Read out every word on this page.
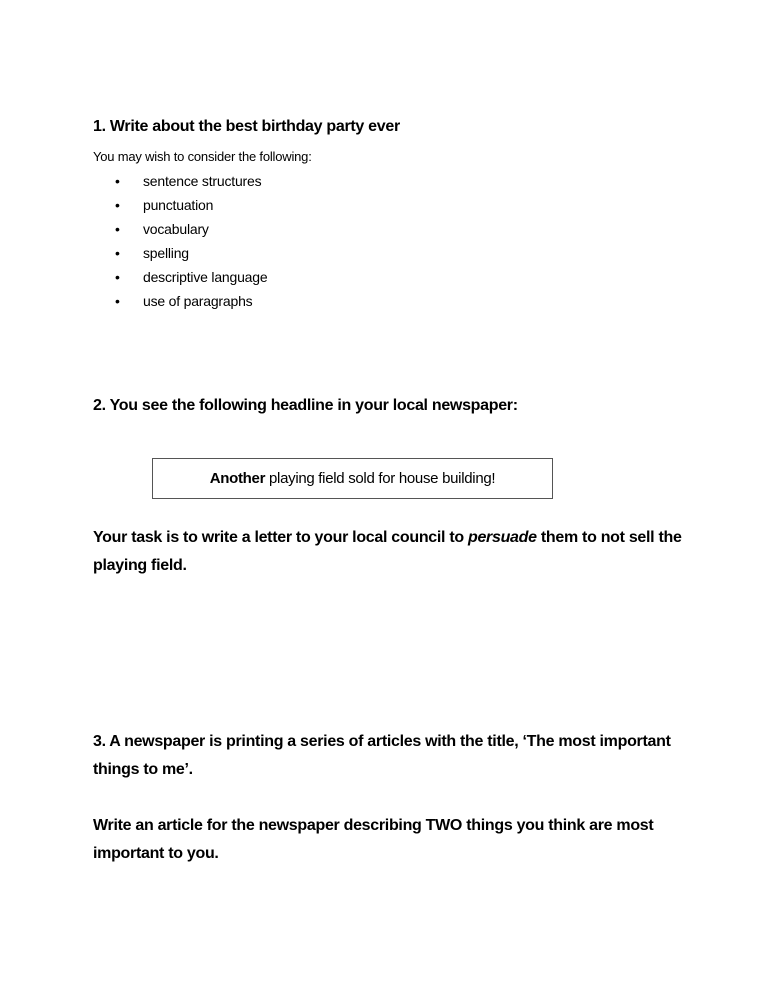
1. Write about the best birthday party ever

You may wish to consider the following:

•	sentence structures
•	punctuation
•	vocabulary
•	spelling
•	descriptive language
•	use of paragraphs
2. You see the following headline in your local newspaper:
Another playing field sold for house building!

Your task is to write a letter to your local council to persuade them to not sell the playing field.

3. A newspaper is printing a series of articles with the title, ‘The most important things to me’.

Write an article for the newspaper describing TWO things you think are most important to you.
